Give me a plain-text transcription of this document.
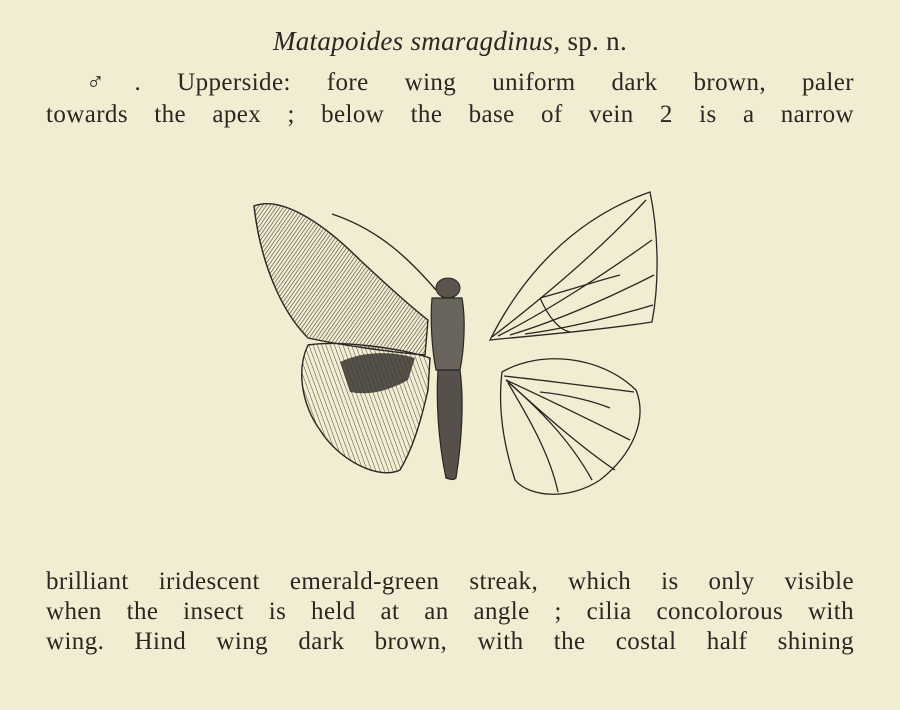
Matapoides smaragdinus, sp. n.
♂. Upperside: fore wing uniform dark brown, paler
towards the apex ; below the base of vein 2 is a narrow
brilliant iridescent emerald-green streak, which is only visible
when the insect is held at an angle ; cilia concolorous with
wing. Hind wing dark brown, with the costal half shining
